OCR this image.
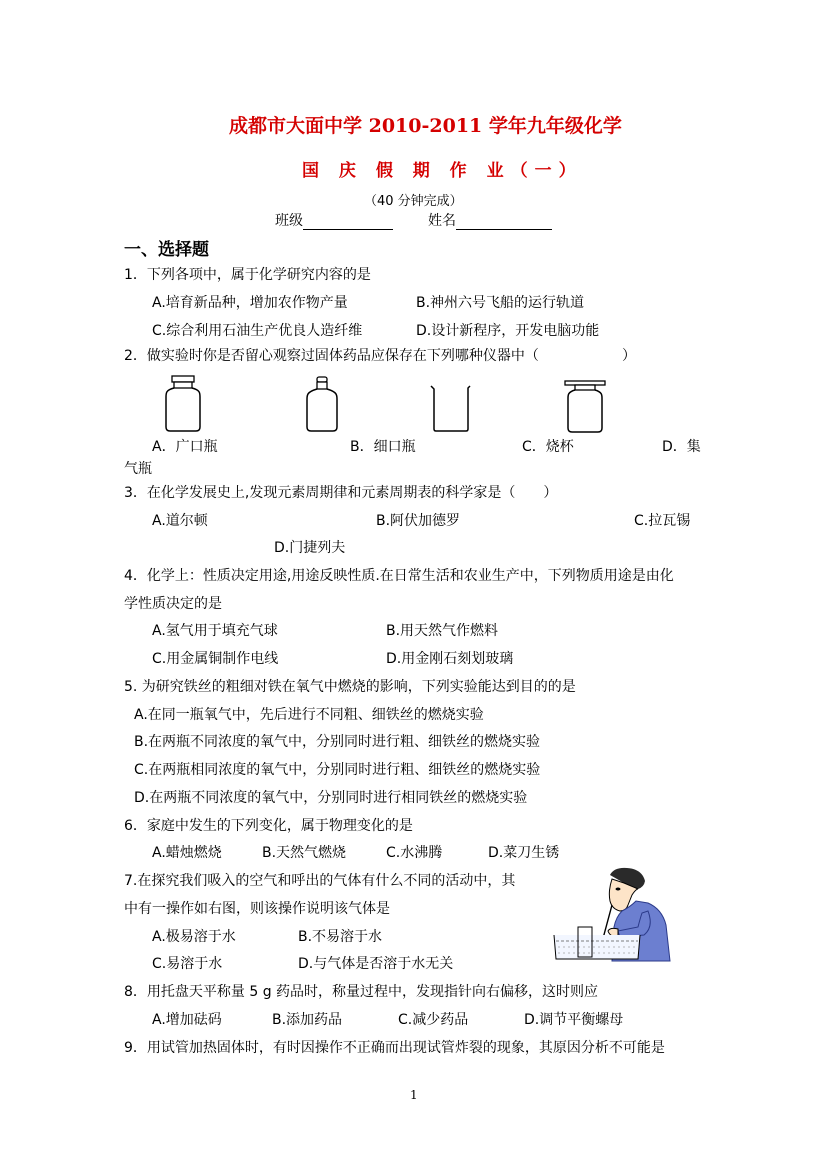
成都市大面中学 2010-2011 学年九年级化学
国 庆 假 期 作 业（一）
（40 分钟完成）
班级	姓名
一、选择题
1．下列各项中，属于化学研究内容的是
A.培育新品种，增加农作物产量	B.神州六号飞船的运行轨道
C.综合利用石油生产优良人造纤维	D.设计新程序，开发电脑功能
2．做实验时你是否留心观察过固体药品应保存在下列哪种仪器中（	）
A．广口瓶	B．细口瓶	C．烧杯	D．集
气瓶
3．在化学发展史上,发现元素周期律和元素周期表的科学家是（　　）
A.道尔顿	B.阿伏加德罗	C.拉瓦锡
D.门捷列夫
4．化学上：性质决定用途,用途反映性质.在日常生活和农业生产中，下列物质用途是由化
学性质决定的是
A.氢气用于填充气球	B.用天然气作燃料
C.用金属铜制作电线	D.用金刚石刻划玻璃
5. 为研究铁丝的粗细对铁在氧气中燃烧的影响，下列实验能达到目的的是
A.在同一瓶氧气中，先后进行不同粗、细铁丝的燃烧实验
B.在两瓶不同浓度的氧气中，分别同时进行粗、细铁丝的燃烧实验
C.在两瓶相同浓度的氧气中，分别同时进行粗、细铁丝的燃烧实验
D.在两瓶不同浓度的氧气中，分别同时进行相同铁丝的燃烧实验
6．家庭中发生的下列变化，属于物理变化的是
A.蜡烛燃烧	B.天然气燃烧	C.水沸腾	D.菜刀生锈
7.在探究我们吸入的空气和呼出的气体有什么不同的活动中，其
中有一操作如右图，则该操作说明该气体是
A.极易溶于水	B.不易溶于水
C.易溶于水	D.与气体是否溶于水无关
8．用托盘天平称量 5 g 药品时，称量过程中，发现指针向右偏移，这时则应
A.增加砝码	B.添加药品	C.减少药品	D.调节平衡螺母
9．用试管加热固体时，有时因操作不正确而出现试管炸裂的现象，其原因分析不可能是
1
